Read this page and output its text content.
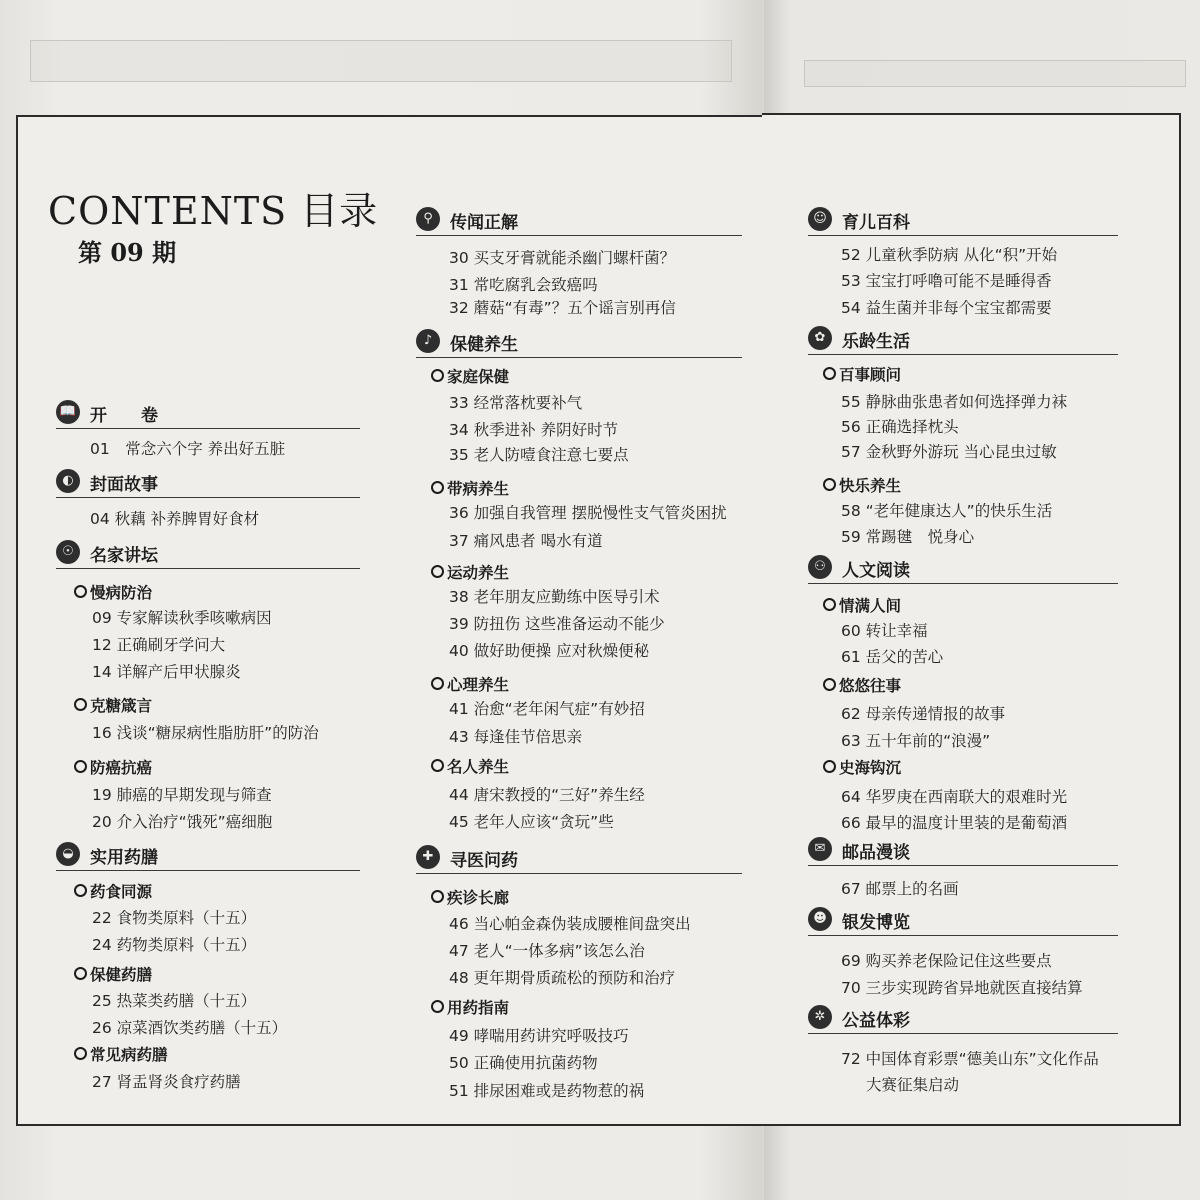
CONTENTS 目录
第 09 期
📖 开　　卷
01　常念六个字 养出好五脏
◐ 封面故事
04 秋藕 补养脾胃好食材
☉ 名家讲坛
慢病防治
09 专家解读秋季咳嗽病因
12 正确刷牙学问大
14 详解产后甲状腺炎
克糖箴言
16 浅谈“糖尿病性脂肪肝”的防治
防癌抗癌
19 肺癌的早期发现与筛查
20 介入治疗“饿死”癌细胞
◒ 实用药膳
药食同源
22 食物类原料（十五）
24 药物类原料（十五）
保健药膳
25 热菜类药膳（十五）
26 凉菜酒饮类药膳（十五）
常见病药膳
27 肾盂肾炎食疗药膳
⚲	传闻正解
30 买支牙膏就能杀幽门螺杆菌？
31 常吃腐乳会致癌吗
32 蘑菇“有毒”？五个谣言别再信
♪	保健养生
家庭保健
33 经常落枕要补气
34 秋季进补 养阴好时节
35 老人防噎食注意七要点
带病养生
36 加强自我管理 摆脱慢性支气管炎困扰
37 痛风患者 喝水有道
运动养生
38 老年朋友应勤练中医导引术
39 防扭伤 这些准备运动不能少
40 做好助便操 应对秋燥便秘
心理养生
41 治愈“老年闲气症”有妙招
43 每逢佳节倍思亲
名人养生
44 唐宋教授的“三好”养生经
45 老年人应该“贪玩”些
✚ 寻医问药
疾诊长廊
46 当心帕金森伪装成腰椎间盘突出
47 老人“一体多病”该怎么治
48 更年期骨质疏松的预防和治疗
用药指南
49 哮喘用药讲究呼吸技巧
50 正确使用抗菌药物
51 排尿困难或是药物惹的祸
☺ 育儿百科
52 儿童秋季防病 从化“积”开始
53 宝宝打呼噜可能不是睡得香
54 益生菌并非每个宝宝都需要
✿ 乐龄生活
百事顾问
55 静脉曲张患者如何选择弹力袜
56 正确选择枕头
57 金秋野外游玩 当心昆虫过敏
快乐养生
58 “老年健康达人”的快乐生活
59 常踢毽　悦身心
⚇ 人文阅读
情满人间
60 转让幸福
61 岳父的苦心
悠悠往事
62 母亲传递情报的故事
63 五十年前的“浪漫”
史海钩沉
64 华罗庚在西南联大的艰难时光
66 最早的温度计里装的是葡萄酒
✉ 邮品漫谈
67 邮票上的名画
☻ 银发博览
69 购买养老保险记住这些要点
70 三步实现跨省异地就医直接结算
✲ 公益体彩
72 中国体育彩票“德美山东”文化作品
大赛征集启动
